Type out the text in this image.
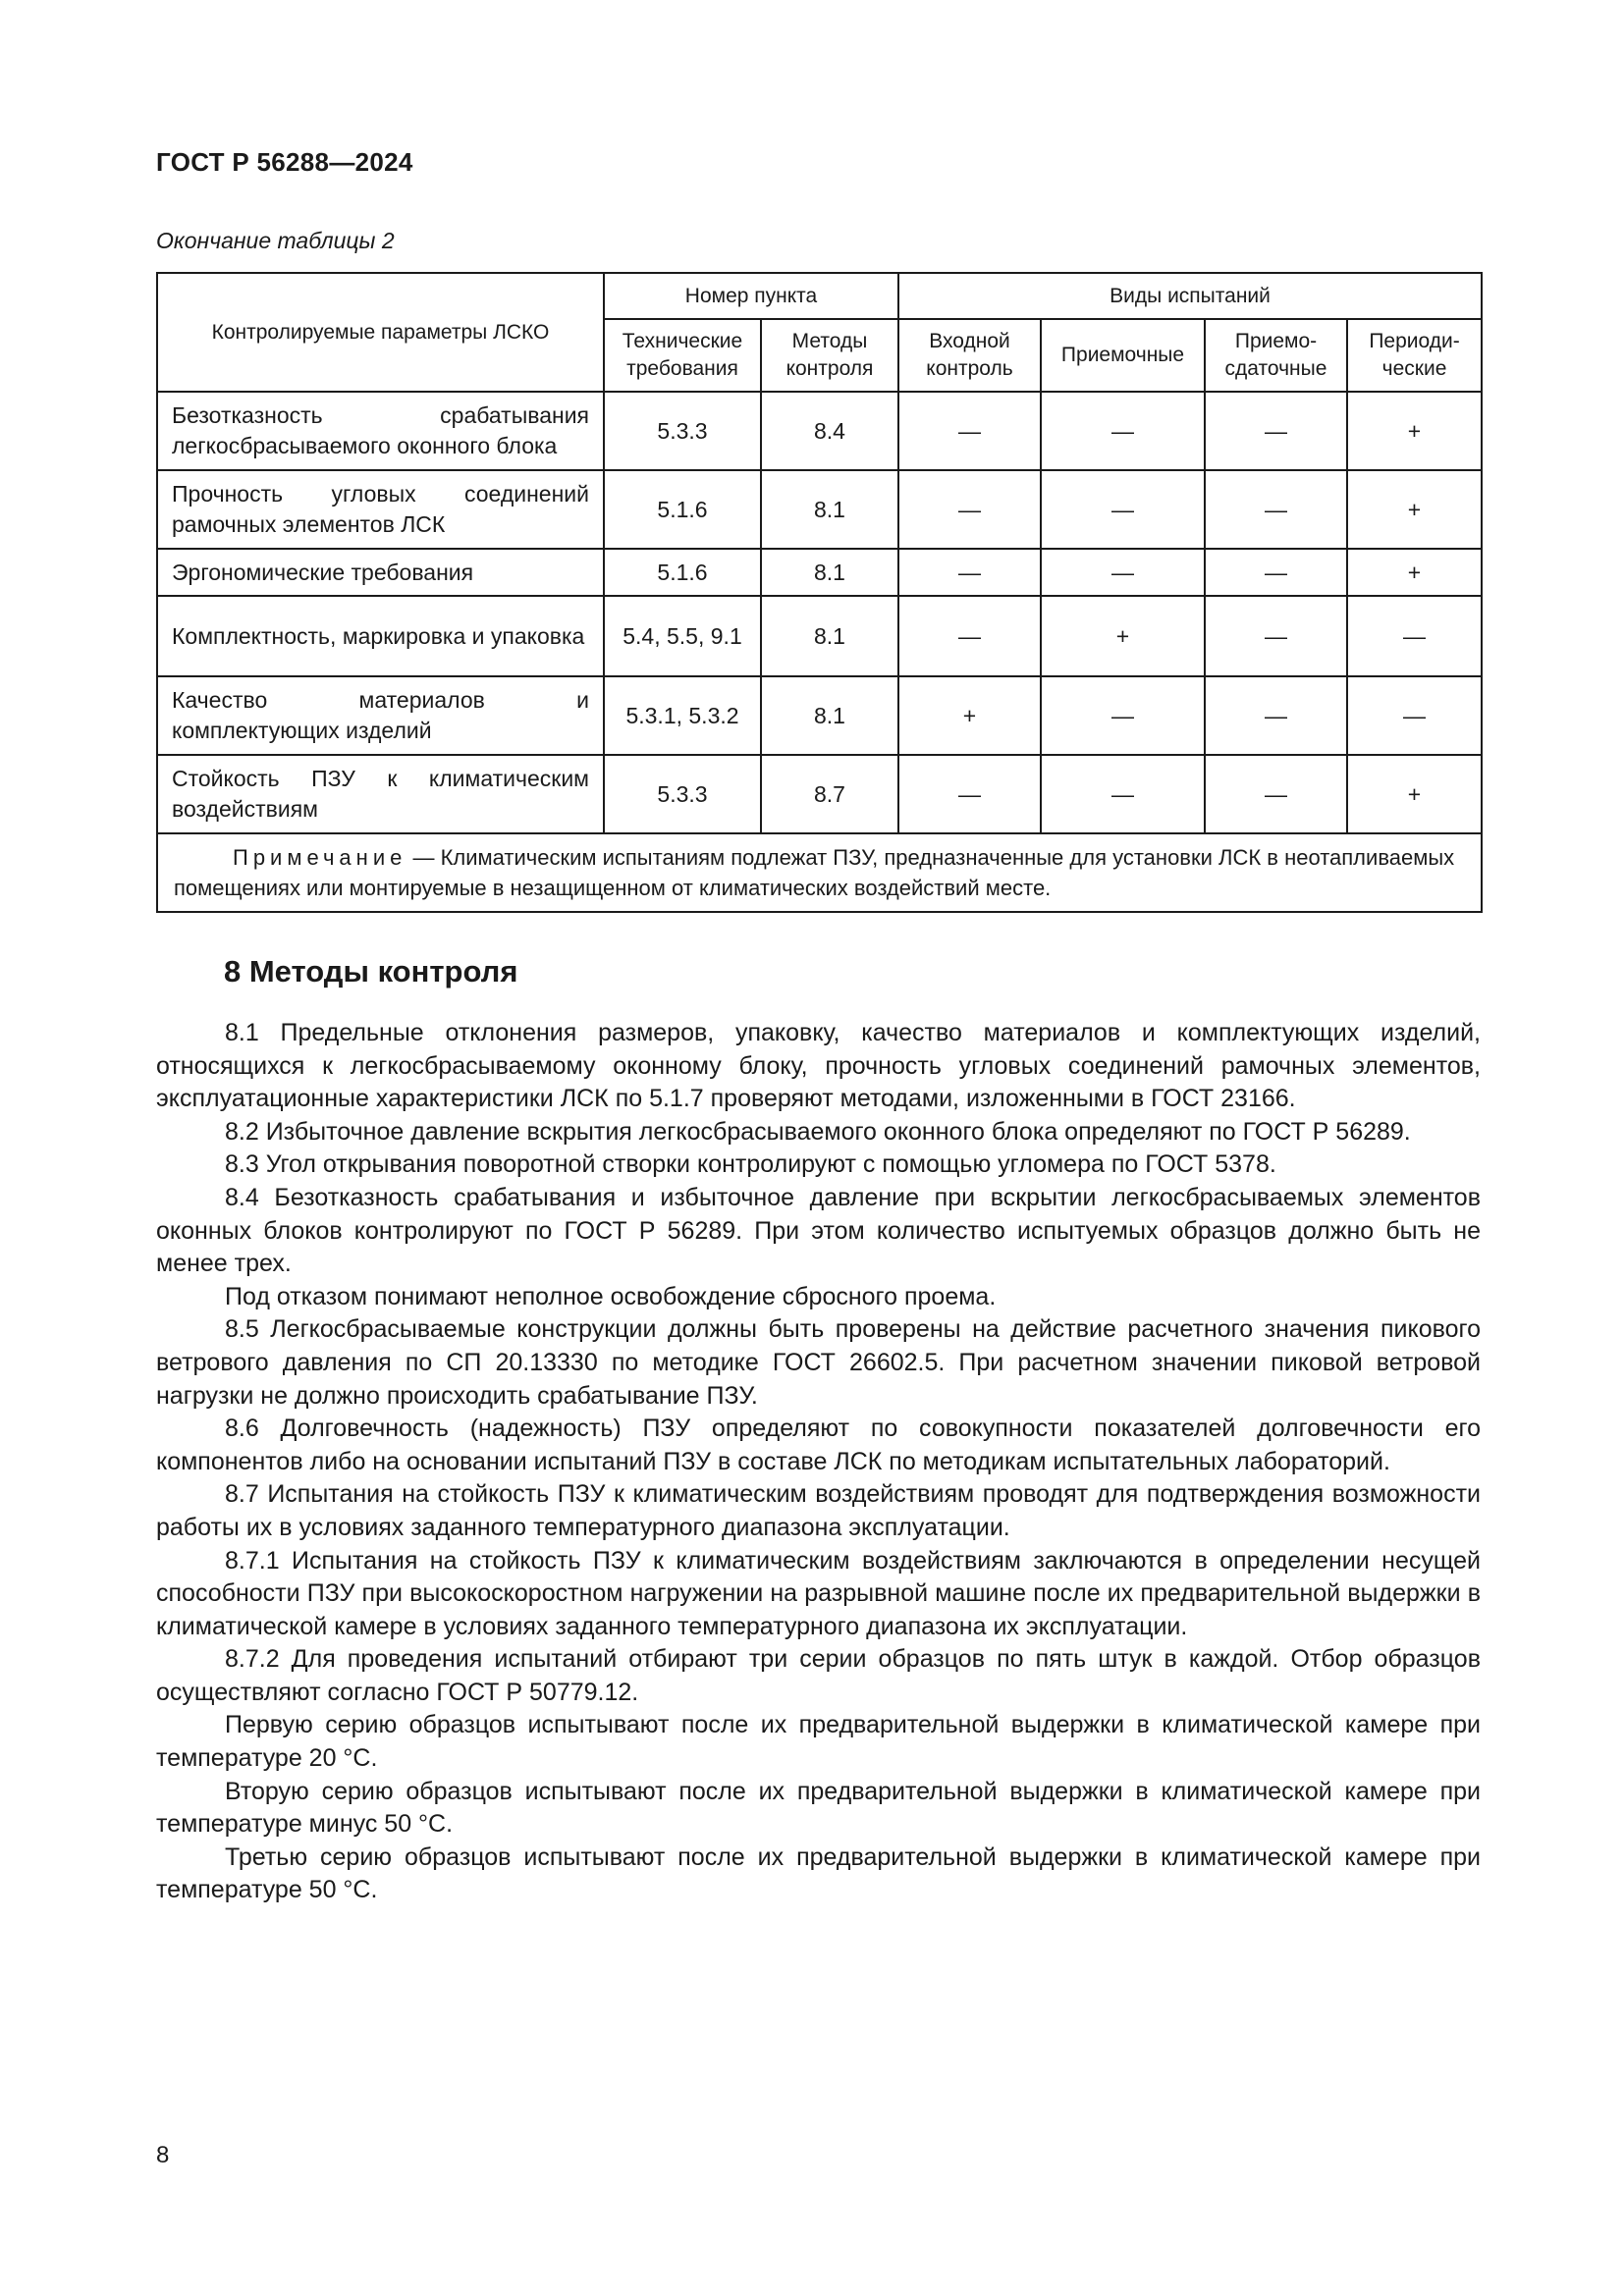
ГОСТ Р 56288—2024
Окончание таблицы 2
Контролируемые параметры ЛСКО	Номер пункта		Виды испытаний			
	Технические требования	Методы контроля	Входной контроль	Приемочные	Приемо-сдаточные	Периоди-ческие
Безотказность срабатывания легкосбрасываемого оконного блока	5.3.3	8.4	—	—	—	+
Прочность угловых соединений рамочных элементов ЛСК	5.1.6	8.1	—	—	—	+
Эргономические требования	5.1.6	8.1	—	—	—	+
Комплектность, маркировка и упаковка	5.4, 5.5, 9.1	8.1	—	+	—	—
Качество материалов и комплектующих изделий	5.3.1, 5.3.2	8.1	+	—	—	—
Стойкость ПЗУ к климатическим воздействиям	5.3.3	8.7	—	—	—	+
Примечание — Климатическим испытаниям подлежат ПЗУ, предназначенные для установки ЛСК в неотапливаемых помещениях или монтируемые в незащищенном от климатических воздействий месте.						
8 Методы контроля

8.1 Предельные отклонения размеров, упаковку, качество материалов и комплектующих изделий, относящихся к легкосбрасываемому оконному блоку, прочность угловых соединений рамочных элементов, эксплуатационные характеристики ЛСК по 5.1.7 проверяют методами, изложенными в ГОСТ 23166.

8.2 Избыточное давление вскрытия легкосбрасываемого оконного блока определяют по ГОСТ Р 56289.

8.3 Угол открывания поворотной створки контролируют с помощью угломера по ГОСТ 5378.

8.4 Безотказность срабатывания и избыточное давление при вскрытии легкосбрасываемых элементов оконных блоков контролируют по ГОСТ Р 56289. При этом количество испытуемых образцов должно быть не менее трех.

Под отказом понимают неполное освобождение сбросного проема.

8.5 Легкосбрасываемые конструкции должны быть проверены на действие расчетного значения пикового ветрового давления по СП 20.13330 по методике ГОСТ 26602.5. При расчетном значении пиковой ветровой нагрузки не должно происходить срабатывание ПЗУ.

8.6 Долговечность (надежность) ПЗУ определяют по совокупности показателей долговечности его компонентов либо на основании испытаний ПЗУ в составе ЛСК по методикам испытательных лабораторий.

8.7 Испытания на стойкость ПЗУ к климатическим воздействиям проводят для подтверждения возможности работы их в условиях заданного температурного диапазона эксплуатации.

8.7.1 Испытания на стойкость ПЗУ к климатическим воздействиям заключаются в определении несущей способности ПЗУ при высокоскоростном нагружении на разрывной машине после их предварительной выдержки в климатической камере в условиях заданного температурного диапазона их эксплуатации.

8.7.2 Для проведения испытаний отбирают три серии образцов по пять штук в каждой. Отбор образцов осуществляют согласно ГОСТ Р 50779.12.

Первую серию образцов испытывают после их предварительной выдержки в климатической камере при температуре 20 °С.

Вторую серию образцов испытывают после их предварительной выдержки в климатической камере при температуре минус 50 °С.

Третью серию образцов испытывают после их предварительной выдержки в климатической камере при температуре 50 °С.

8
